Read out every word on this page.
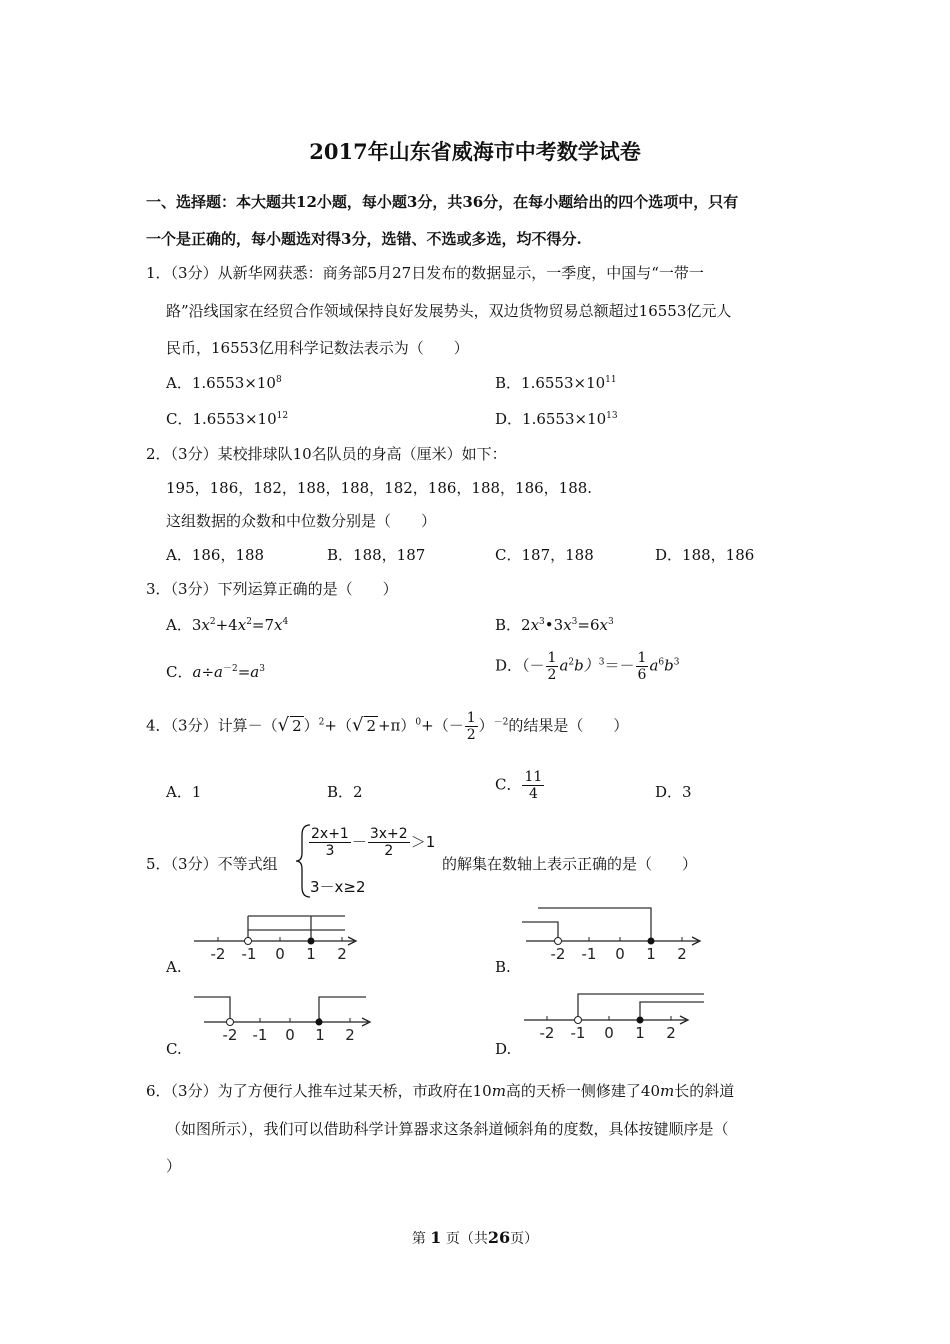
2017年山东省威海市中考数学试卷
一、选择题：本大题共12小题，每小题3分，共36分，在每小题给出的四个选项中，只有
一个是正确的，每小题选对得3分，选错、不选或多选，均不得分.
1．（3分）从新华网获悉：商务部5月27日发布的数据显示，一季度，中国与“一带一
路”沿线国家在经贸合作领域保持良好发展势头，双边货物贸易总额超过16553亿元人
民币，16553亿用科学记数法表示为（　　）
A．$1.6553\times 10^8$	B．$1.6553\times 10^{11}$
C．$1.6553\times 10^{12}$	D．$1.6553\times 10^{13}$
2．（3分）某校排球队10名队员的身高（厘米）如下：
195，186，182，188，188，182，186，188，186，188.
这组数据的众数和中位数分别是（　　）
A．186，188	B．188，187	C．187，188	D．188，186
3．（3分）下列运算正确的是（　　）
A．$3x^2+4x^2=7x^4$	B．$2x^3•3x^3=6x^3$
C．$a\div a^{-2}=a^3$	D．（－ $\frac{1}{2} a^2b)^3=- \frac{1}{6} a^6b^3$
4．（3分）计算－（√ 2 ）$^2$+（√ $2 +\pi)^0+(- \frac{1}{2} )^{-2}$的结果是（　　）
A．1	B．2	C． $\frac{11}{4}$	D．3
5．（3分）不等式组
$\frac{2x+1}{3} - \frac{3x+2}{2} >1$
3－x≥2
的解集在数轴上表示正确的是（　　）
-2 -1 0 1 2
A.
-2 -1 0 1 2
B.
-2 -1 0 1 2
C.
-2 -1 0 1 2
D.
6．（3分）为了方便行人推车过某天桥，市政府在10m高的天桥一侧修建了40m长的斜道
（如图所示），我们可以借助科学计算器求这条斜道倾斜角的度数，具体按键顺序是（
）
第 1 页（共26页）
